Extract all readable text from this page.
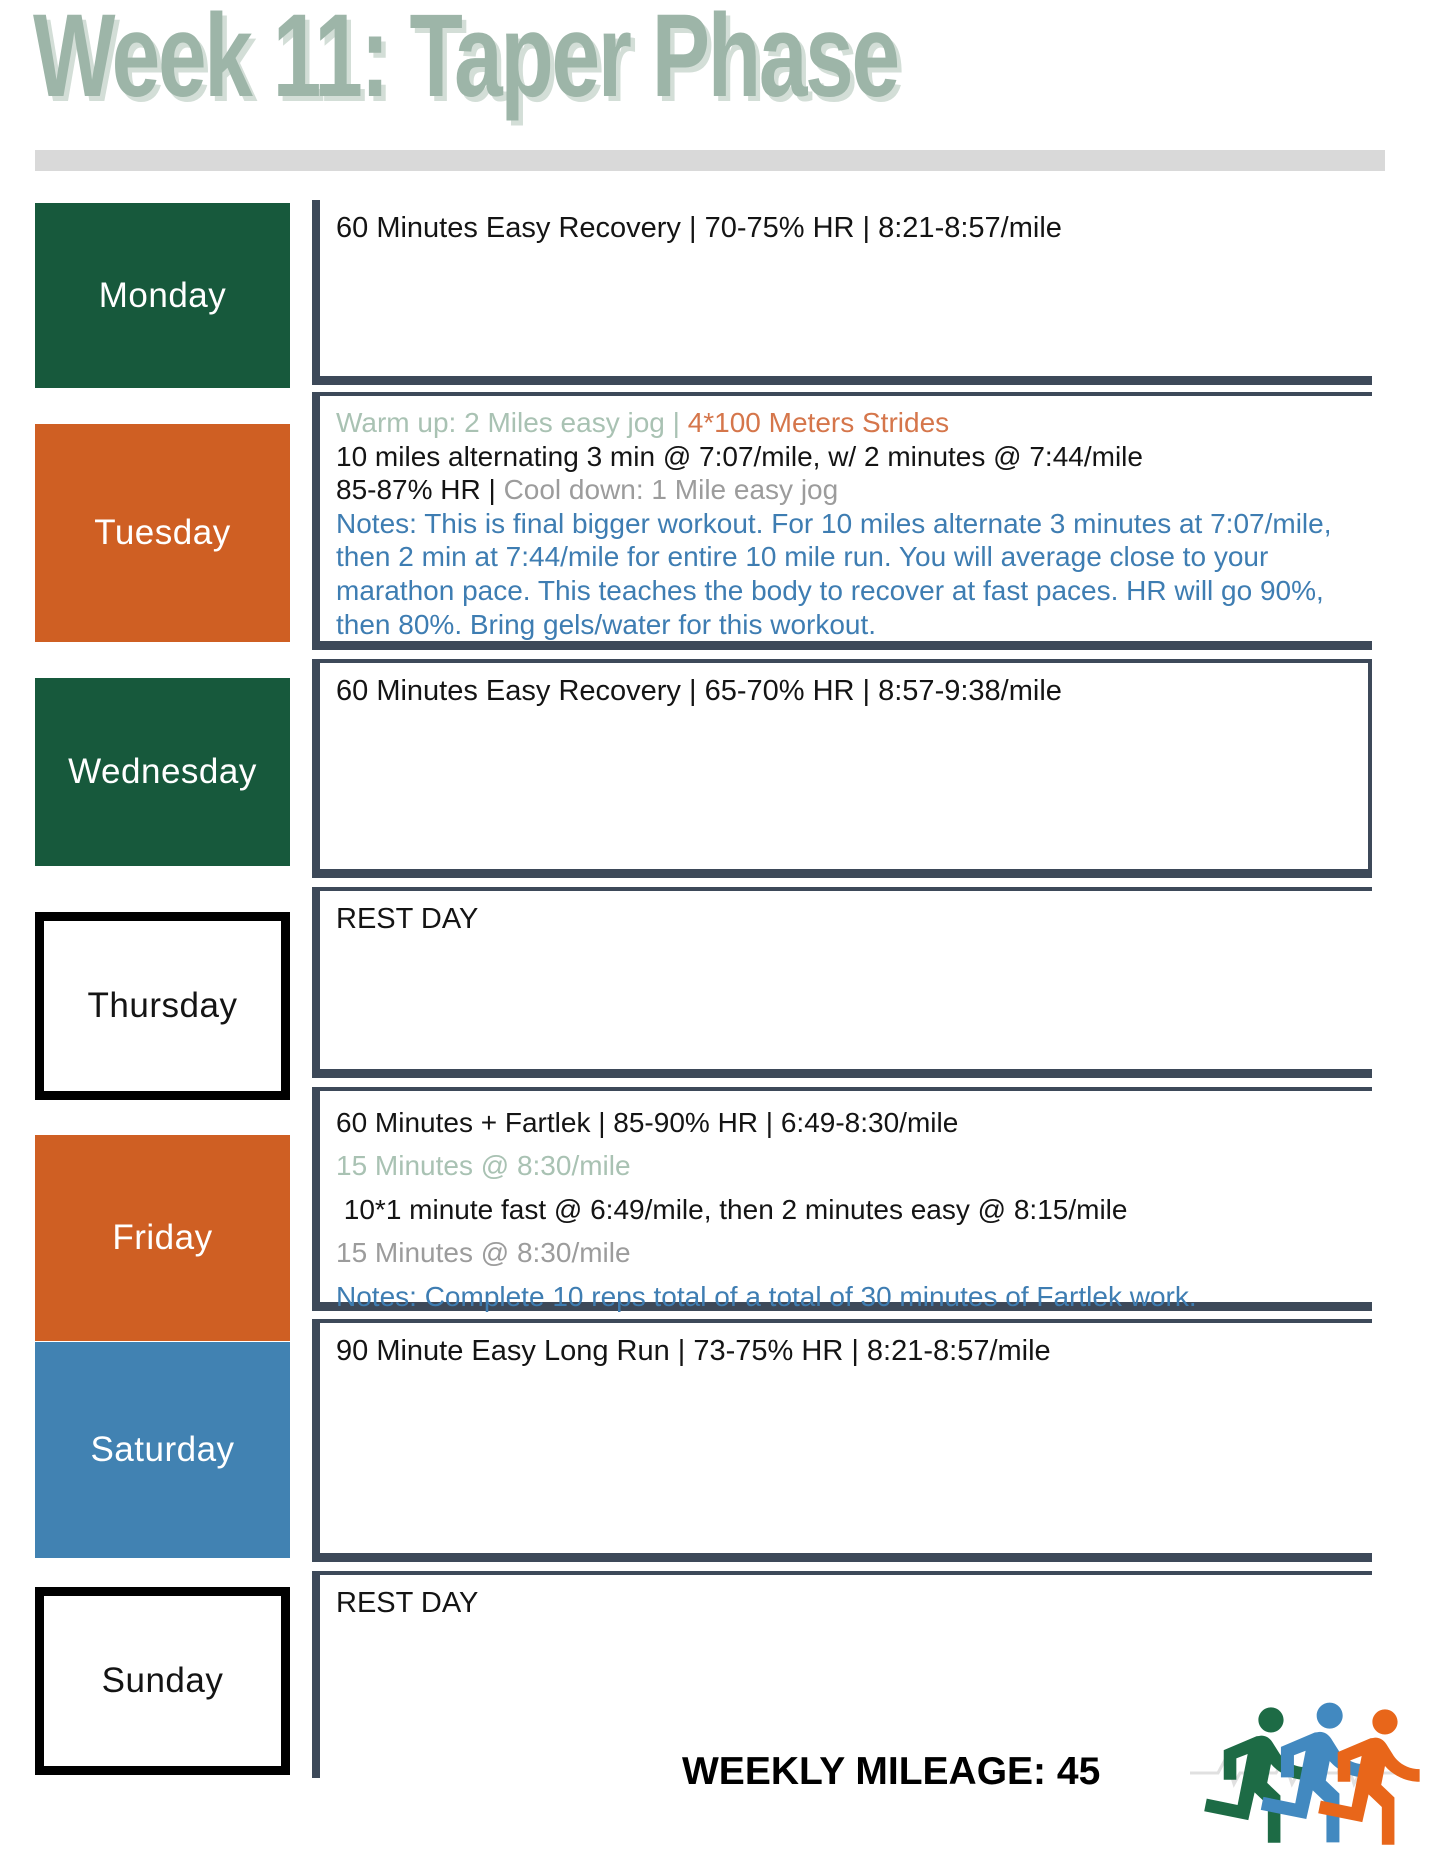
Week 11: Taper Phase
Monday

60 Minutes Easy Recovery | 70-75% HR | 8:21-8:57/mile

Tuesday

Warm up: 2 Miles easy jog | 4*100 Meters Strides

10 miles alternating 3 min @ 7:07/mile, w/ 2 minutes @ 7:44/mile

85-87% HR | Cool down: 1 Mile easy jog

Notes: This is final bigger workout. For 10 miles alternate 3 minutes at 7:07/mile, then 2 min at 7:44/mile for entire 10 mile run. You will average close to your marathon pace. This teaches the body to recover at fast paces. HR will go 90%, then 80%. Bring gels/water for this workout.

Wednesday

60 Minutes Easy Recovery | 65-70% HR | 8:57-9:38/mile

Thursday

REST DAY

Friday

60 Minutes + Fartlek | 85-90% HR | 6:49-8:30/mile

15 Minutes @ 8:30/mile

10*1 minute fast @ 6:49/mile, then 2 minutes easy @ 8:15/mile

15 Minutes @ 8:30/mile

Notes: Complete 10 reps total of a total of 30 minutes of Fartlek work.

Saturday

90 Minute Easy Long Run | 73-75% HR | 8:21-8:57/mile

Sunday

REST DAY

WEEKLY MILEAGE: 45
